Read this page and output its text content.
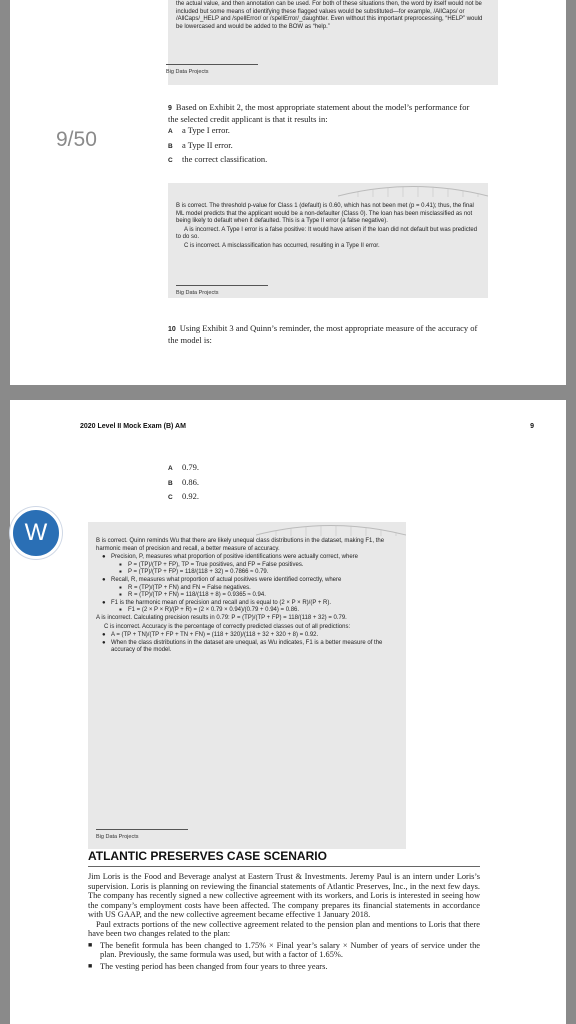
the actual value, and then annotation can be used. For both of these situations then, the word by itself would not be included but some means of identifying these flagged values would be substituted—for example, /AllCaps/ or /AllCaps/_HELP and /spellError/ or /spellError/_daughtter. Even without this important preprocessing, “HELP” would be lowercased and would be added to the BOW as “help.”

Big Data Projects
9/50
9 Based on Exhibit 2, the most appropriate statement about the model’s performance for the selected credit applicant is that it results in:
A a Type I error.
B a Type II error.
C the correct classification.

B is correct. The threshold p-value for Class 1 (default) is 0.60, which has not been met (p = 0.41); thus, the final ML model predicts that the applicant would be a non-defaulter (Class 0). The loan has been misclassified as not being likely to default when it defaulted. This is a Type II error (a false negative).

A is incorrect. A Type I error is a false positive: It would have arisen if the loan did not default but was predicted to do so.

C is incorrect. A misclassification has occurred, resulting in a Type II error.

Big Data Projects
10 Using Exhibit 3 and Quinn’s reminder, the most appropriate measure of the accuracy of the model is:
2020 Level II Mock Exam (B) AM	9
A 0.79.
B 0.86.
C 0.92.
W	B is correct. Quinn reminds Wu that there are likely unequal class distributions in the dataset, making F1, the harmonic mean of precision and recall, a better measure of accuracy.

● Precision, P, measures what proportion of positive identifications were actually correct, where
▪ P = (TP)/(TP + FP), TP = True positives, and FP = False positives.
▪ P = (TP)/(TP + FP) = 118/(118 + 32) = 0.7866 ≈ 0.79.
● Recall, R, measures what proportion of actual positives were identified correctly, where
▪ R = (TP)/(TP + FN) and FN = False negatives.
▪ R = (TP)/(TP + FN) = 118/(118 + 8) = 0.9365 ≈ 0.94.
● F1 is the harmonic mean of precision and recall and is equal to (2 × P × R)/(P + R).
▪ F1 = (2 × P × R)/(P + R) = (2 × 0.79 × 0.94)/(0.79 + 0.94) = 0.86.

A is incorrect. Calculating precision results in 0.79: P = (TP)/(TP + FP) = 118/(118 + 32) = 0.79.

C is incorrect. Accuracy is the percentage of correctly predicted classes out of all predictions:

● A = (TP + TN)/(TP + FP + TN + FN) = (118 + 320)/(118 + 32 + 320 + 8) = 0.92.
● When the class distributions in the dataset are unequal, as Wu indicates, F1 is a better measure of the accuracy of the model.
Big Data Projects
ATLANTIC PRESERVES CASE SCENARIO

Jim Loris is the Food and Beverage analyst at Eastern Trust & Investments. Jeremy Paul is an intern under Loris’s supervision. Loris is planning on reviewing the financial statements of Atlantic Preserves, Inc., in the next few days. The company has recently signed a new collective agreement with its workers, and Loris is interested in seeing how the company’s employment costs have been affected. The company prepares its financial statements in accordance with US GAAP, and the new collective agreement became effective 1 January 2018.

Paul extracts portions of the new collective agreement related to the pension plan and mentions to Loris that there have been two changes related to the plan:

■ The benefit formula has been changed to 1.75% × Final year’s salary × Number of years of service under the plan. Previously, the same formula was used, but with a factor of 1.65%.
■ The vesting period has been changed from four years to three years.
